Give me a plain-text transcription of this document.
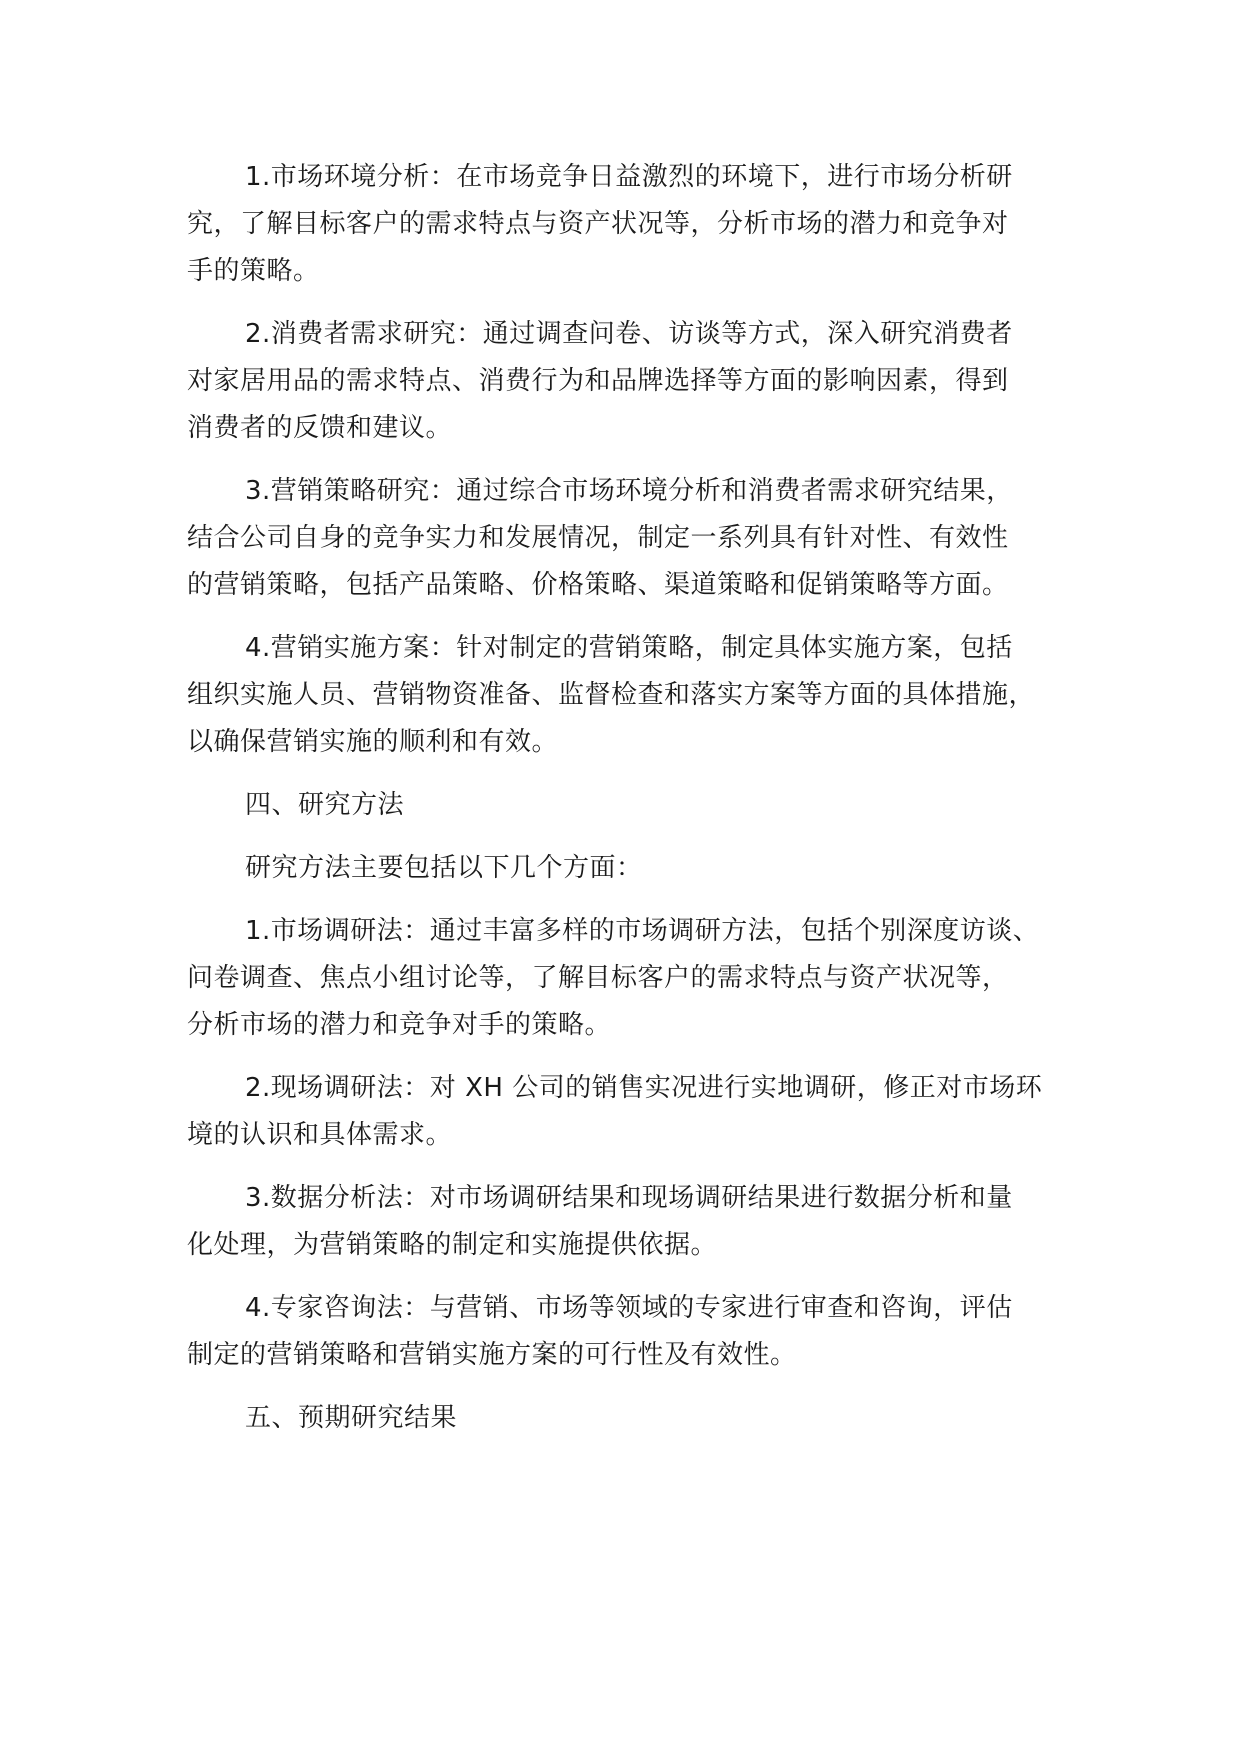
1.市场环境分析：在市场竞争日益激烈的环境下，进行市场分析研
究，了解目标客户的需求特点与资产状况等，分析市场的潜力和竞争对
手的策略。

2.消费者需求研究：通过调查问卷、访谈等方式，深入研究消费者
对家居用品的需求特点、消费行为和品牌选择等方面的影响因素，得到
消费者的反馈和建议。

3.营销策略研究：通过综合市场环境分析和消费者需求研究结果，
结合公司自身的竞争实力和发展情况，制定一系列具有针对性、有效性
的营销策略，包括产品策略、价格策略、渠道策略和促销策略等方面。

4.营销实施方案：针对制定的营销策略，制定具体实施方案，包括
组织实施人员、营销物资准备、监督检查和落实方案等方面的具体措施，
以确保营销实施的顺利和有效。

四、研究方法

研究方法主要包括以下几个方面：

1.市场调研法：通过丰富多样的市场调研方法，包括个别深度访谈、
问卷调查、焦点小组讨论等，了解目标客户的需求特点与资产状况等，
分析市场的潜力和竞争对手的策略。

2.现场调研法：对 XH 公司的销售实况进行实地调研，修正对市场环
境的认识和具体需求。

3.数据分析法：对市场调研结果和现场调研结果进行数据分析和量
化处理，为营销策略的制定和实施提供依据。

4.专家咨询法：与营销、市场等领域的专家进行审查和咨询，评估
制定的营销策略和营销实施方案的可行性及有效性。

五、预期研究结果
